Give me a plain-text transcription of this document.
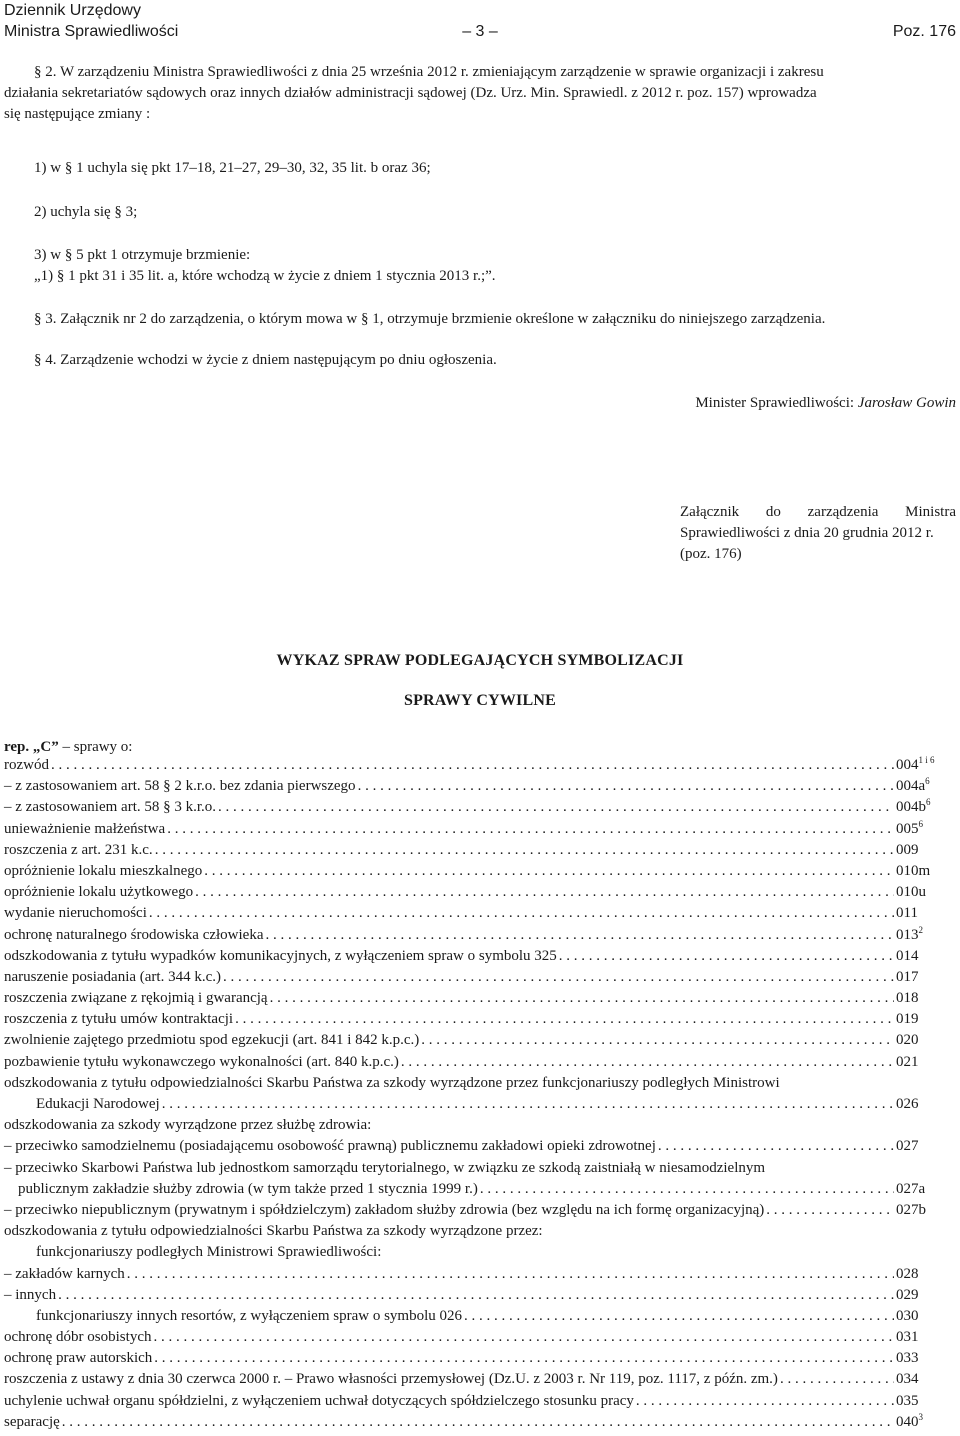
Dziennik Urzędowy
Ministra Sprawiedliwości	– 3 –	Poz. 176
§ 2. W zarządzeniu Ministra Sprawiedliwości z dnia 25 września 2012 r. zmieniającym zarządzenie w sprawie organizacji i zakresu
działania sekretariatów sądowych oraz innych działów administracji sądowej (Dz. Urz. Min. Sprawiedl. z 2012 r. poz. 157) wprowadza
się następujące zmiany :
1) w § 1 uchyla się pkt 17–18, 21–27, 29–30, 32, 35 lit. b oraz 36;
2) uchyla się § 3;
3) w § 5 pkt 1 otrzymuje brzmienie:
„1) § 1 pkt 31 i 35 lit. a, które wchodzą w życie z dniem 1 stycznia 2013 r.;”.
§ 3. Załącznik nr 2 do zarządzenia, o którym mowa w § 1, otrzymuje brzmienie określone w załączniku do niniejszego zarządzenia.
§ 4. Zarządzenie wchodzi w życie z dniem następującym po dniu ogłoszenia.
Minister Sprawiedliwości: Jarosław Gowin
Załącznik do zarządzenia Ministra
Sprawiedliwości z dnia 20 grudnia 2012 r.
(poz. 176)
WYKAZ SPRAW PODLEGAJĄCYCH SYMBOLIZACJI
SPRAWY CYWILNE
rep. „C” – sprawy o:
rozwód . . .	$004^{1 i 6}$
– z zastosowaniem art. 58 § 2 k.r.o. bez zdania pierwszego . . .	$004a^6$
– z zastosowaniem art. 58 § 3 k.r.o. . . .	$004b^6$
unieważnienie małżeństwa . . .	$005^6$
roszczenia z art. 231 k.c. . . .	009
opróżnienie lokalu mieszkalnego . . .	010m
opróżnienie lokalu użytkowego . . .	010u
wydanie nieruchomości . . .	011
ochronę naturalnego środowiska człowieka . . .	$013^2$
odszkodowania z tytułu wypadków komunikacyjnych, z wyłączeniem spraw o symbolu 325 . . .	014
naruszenie posiadania (art. 344 k.c.) . . .	017
roszczenia związane z rękojmią i gwarancją . . .	018
roszczenia z tytułu umów kontraktacji . . .	019
zwolnienie zajętego przedmiotu spod egzekucji (art. 841 i 842 k.p.c.) . . .	020
pozbawienie tytułu wykonawczego wykonalności (art. 840 k.p.c.) . . .	021
odszkodowania z tytułu odpowiedzialności Skarbu Państwa za szkody wyrządzone przez funkcjonariuszy podległych Ministrowi
Edukacji Narodowej . . .	026
odszkodowania za szkody wyrządzone przez służbę zdrowia:
– przeciwko samodzielnemu (posiadającemu osobowość prawną) publicznemu zakładowi opieki zdrowotnej . . .	027
– przeciwko Skarbowi Państwa lub jednostkom samorządu terytorialnego, w związku ze szkodą zaistniałą w niesamodzielnym
publicznym zakładzie służby zdrowia (w tym także przed 1 stycznia 1999 r.) . . .	027a
– przeciwko niepublicznym (prywatnym i spółdzielczym) zakładom służby zdrowia (bez względu na ich formę organizacyjną) . . .	027b
odszkodowania z tytułu odpowiedzialności Skarbu Państwa za szkody wyrządzone przez:
funkcjonariuszy podległych Ministrowi Sprawiedliwości:
– zakładów karnych . . .	028
– innych . . .	029
funkcjonariuszy innych resortów, z wyłączeniem spraw o symbolu 026 . . .	030
ochronę dóbr osobistych . . .	031
ochronę praw autorskich . . .	033
roszczenia z ustawy z dnia 30 czerwca 2000 r. – Prawo własności przemysłowej (Dz.U. z 2003 r. Nr 119, poz. 1117, z późn. zm.) . . .	034
uchylenie uchwał organu spółdzielni, z wyłączeniem uchwał dotyczących spółdzielczego stosunku pracy . . .	035
separację . . .	$040^3$
